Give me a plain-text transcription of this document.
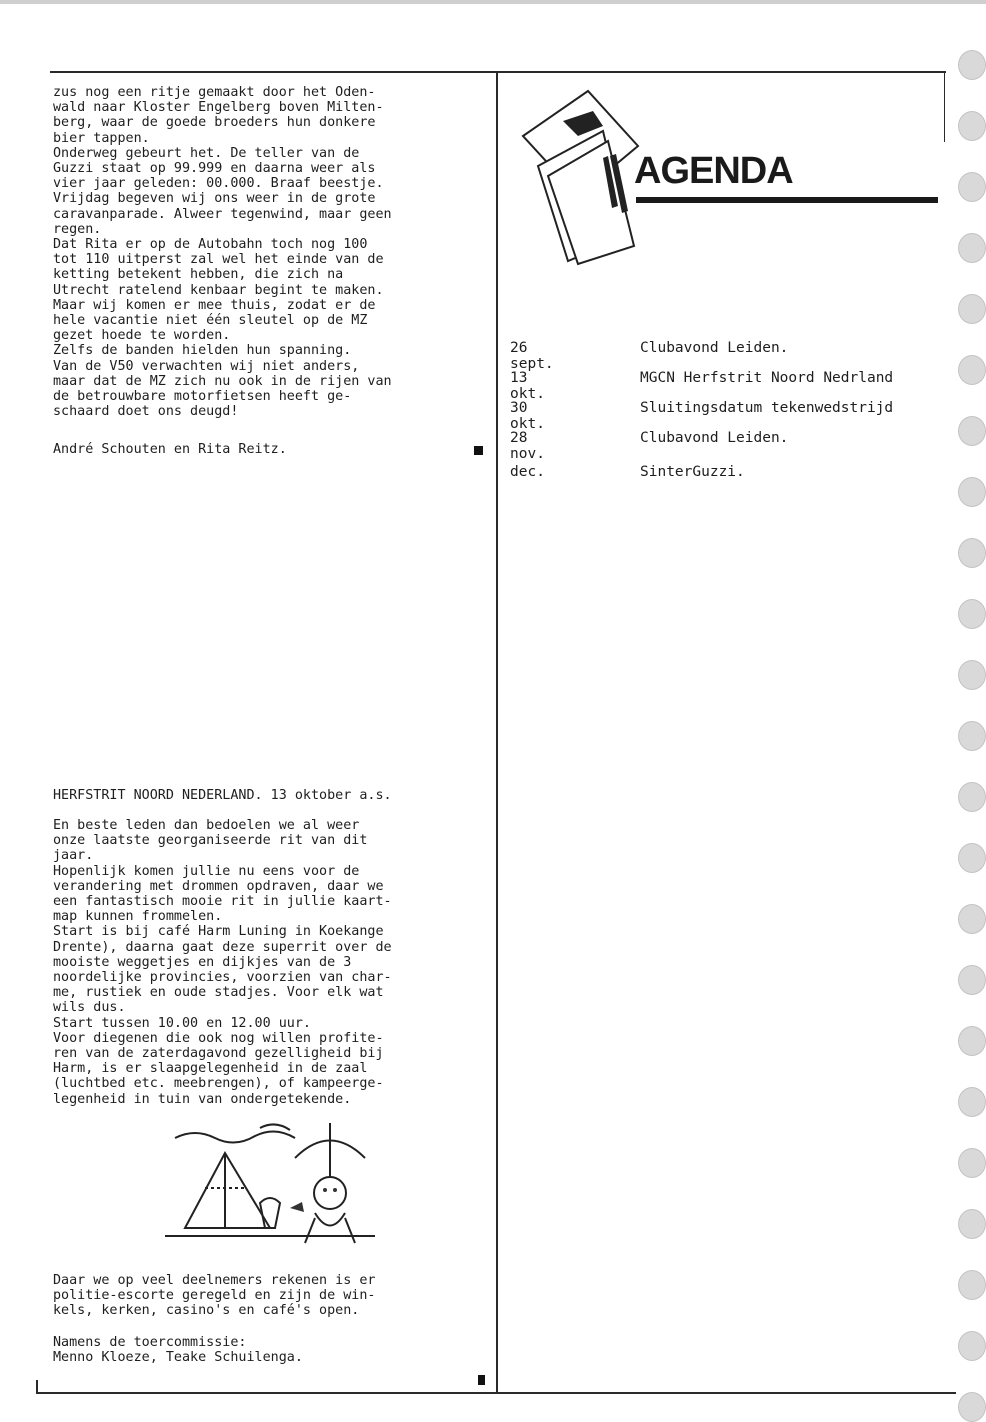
zus nog een ritje gemaakt door het Oden-
wald naar Kloster Engelberg boven Milten-
berg, waar de goede broeders hun donkere
bier tappen.
Onderweg gebeurt het. De teller van de
Guzzi staat op 99.999 en daarna weer als
vier jaar geleden: 00.000. Braaf beestje.
Vrijdag begeven wij ons weer in de grote
caravanparade. Alweer tegenwind, maar geen
regen.
Dat Rita er op de Autobahn toch nog 100
tot 110 uitperst zal wel het einde van de
ketting betekent hebben, die zich na
Utrecht ratelend kenbaar begint te maken.
Maar wij komen er mee thuis, zodat er de
hele vacantie niet één sleutel op de MZ
gezet hoede te worden.
Zelfs de banden hielden hun spanning.
Van de V50 verwachten wij niet anders,
maar dat de MZ zich nu ook in de rijen van
de betrouwbare motorfietsen heeft ge-
schaard doet ons deugd!
André Schouten en Rita Reitz.
HERFSTRIT NOORD NEDERLAND. 13 oktober a.s.
En beste leden dan bedoelen we al weer
onze laatste georganiseerde rit van dit
jaar.
Hopenlijk komen jullie nu eens voor de
verandering met drommen opdraven, daar we
een fantastisch mooie rit in jullie kaart-
map kunnen frommelen.
Start is bij café Harm Luning in Koekange
Drente), daarna gaat deze superrit over de
mooiste weggetjes en dijkjes van de 3
noordelijke provincies, voorzien van char-
me, rustiek en oude stadjes. Voor elk wat
wils dus.
Start tussen 10.00 en 12.00 uur.
Voor diegenen die ook nog willen profite-
ren van de zaterdagavond gezelligheid bij
Harm, is er slaapgelegenheid in de zaal
(luchtbed etc. meebrengen), of kampeerge-
legenheid in tuin van ondergetekende.
Daar we op veel deelnemers rekenen is er
politie-escorte geregeld en zijn de win-
kels, kerken, casino's en café's open.
Namens de toercommissie:
Menno Kloeze, Teake Schuilenga.
AGENDA
26 sept.
Clubavond Leiden.
13 okt.
MGCN Herfstrit Noord Nedrland
30 okt.
Sluitingsdatum tekenwedstrijd
28 nov.
Clubavond Leiden.
dec.	SinterGuzzi.
